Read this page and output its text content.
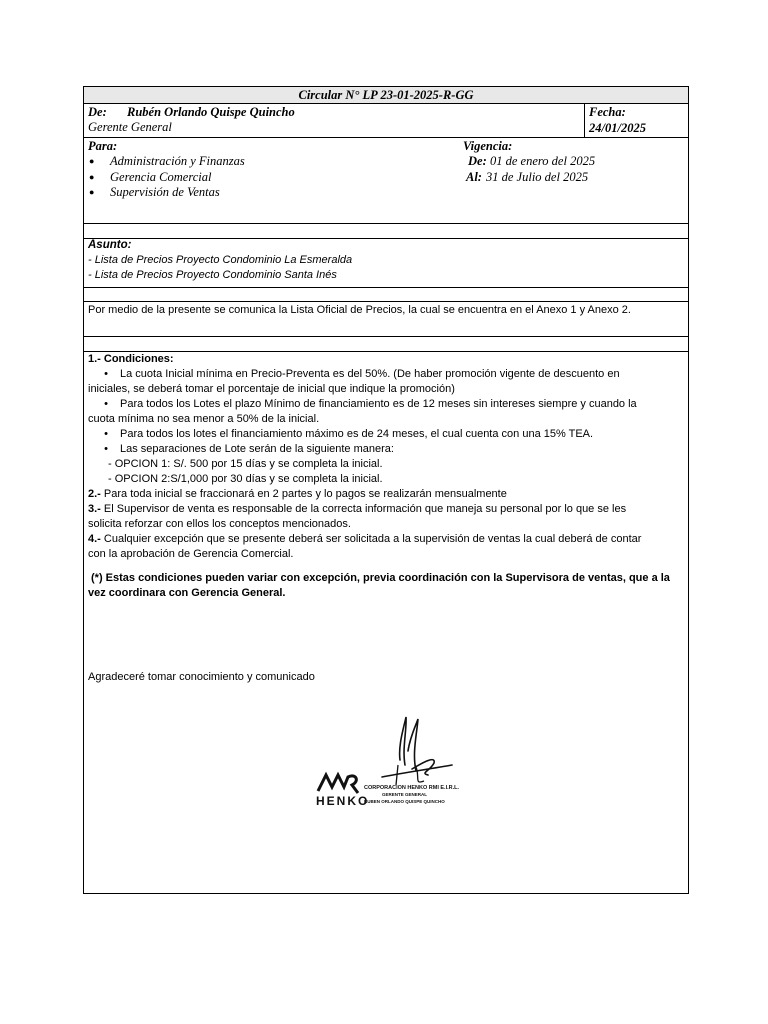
Circular N° LP 23-01-2025-R-GG
De: Rubén Orlando Quispe Quincho
Gerente General
Fecha:
24/01/2025
Para:
● Administración y Finanzas
● Gerencia Comercial
● Supervisión de Ventas
Vigencia:
De: 01 de enero del 2025
Al: 31 de Julio del 2025
Asunto:
- Lista de Precios Proyecto Condominio La Esmeralda
- Lista de Precios Proyecto Condominio Santa Inés
Por medio de la presente se comunica la Lista Oficial de Precios, la cual se encuentra en el Anexo 1 y Anexo 2.

1.- Condiciones:

• La cuota Inicial mínima en Precio-Preventa es del 50%. (De haber promoción vigente de descuento en

iniciales, se deberá tomar el porcentaje de inicial que indique la promoción)

• Para todos los Lotes el plazo Mínimo de financiamiento es de 12 meses sin intereses siempre y cuando la

cuota mínima no sea menor a 50% de la inicial.

• Para todos los lotes el financiamiento máximo es de 24 meses, el cual cuenta con una 15% TEA.

• Las separaciones de Lote serán de la siguiente manera:

- OPCION 1: S/. 500 por 15 días y se completa la inicial.

- OPCION 2:S/1,000 por 30 días y se completa la inicial.

2.- Para toda inicial se fraccionará en 2 partes y lo pagos se realizarán mensualmente

3.- El Supervisor de venta es responsable de la correcta información que maneja su personal por lo que se les

solicita reforzar con ellos los conceptos mencionados.

4.- Cualquier excepción que se presente deberá ser solicitada a la supervisión de ventas la cual deberá de contar

con la aprobación de Gerencia Comercial.

(*) Estas condiciones pueden variar con excepción, previa coordinación con la Supervisora de ventas, que a la

vez coordinara con Gerencia General.

Agradeceré tomar conocimiento y comunicado
HENKO
CORPORACION HENKO RMI E.I.R.L.
GERENTE GENERAL
RUBEN ORLANDO QUISPE QUINCHO
